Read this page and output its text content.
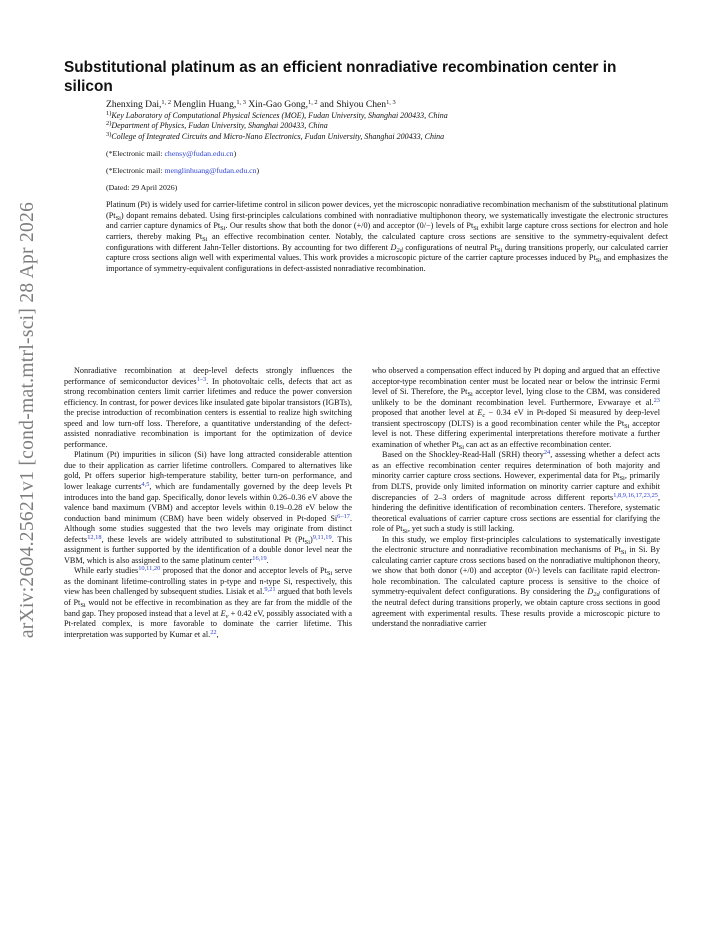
arXiv:2604.25621v1 [cond-mat.mtrl-sci] 28 Apr 2026
Substitutional platinum as an efficient nonradiative recombination center in silicon
Zhenxing Dai,$^{1, 2}$ Menglin Huang,$^{1, 3}$ Xin-Gao Gong,$^{1, 2}$ and Shiyou Chen$^{1, 3}$
$^{1)}$Key Laboratory of Computational Physical Sciences (MOE), Fudan University, Shanghai 200433, China
$^{2)}$Department of Physics, Fudan University, Shanghai 200433, China
$^{3)}$College of Integrated Circuits and Micro-Nano Electronics, Fudan University, Shanghai 200433, China
(*Electronic mail: chensy@fudan.edu.cn)
(*Electronic mail: menglinhuang@fudan.edu.cn)
(Dated: 29 April 2026)
Platinum (Pt) is widely used for carrier-lifetime control in silicon power devices, yet the microscopic nonradiative recombination mechanism of the substitutional platinum $(Pt_{Si})$ dopant remains debated. Using first-principles calculations combined with nonradiative multiphonon theory, we systematically investigate the electronic structures and carrier capture dynamics of $Pt_{Si}$. Our results show that both the donor (+/0) and acceptor (0/−) levels of $Pt_{Si}$ exhibit large capture cross sections for electron and hole carriers, thereby making $Pt_{Si}$ an effective recombination center. Notably, the calculated capture cross sections are sensitive to the symmetry-equivalent defect configurations with different Jahn-Teller distortions. By accounting for two different $D_{2d}$ configurations of neutral $Pt_{Si}$ during transitions properly, our calculated carrier capture cross sections align well with experimental values. This work provides a microscopic picture of the carrier capture processes induced by $Pt_{Si}$ and emphasizes the importance of symmetry-equivalent configurations in defect-assisted nonradiative recombination.

Nonradiative recombination at deep-level defects strongly influences the performance of semiconductor devices$^{1-3}$. In photovoltaic cells, defects that act as strong recombination centers limit carrier lifetimes and reduce the power conversion efficiency. In contrast, for power devices like insulated gate bipolar transistors (IGBTs), the precise introduction of recombination centers is essential to realize high switching speed and low turn-off loss. Therefore, a quantitative understanding of the defect-assisted nonradiative recombination is important for the optimization of device performance.

Platinum (Pt) impurities in silicon (Si) have long attracted considerable attention due to their application as carrier lifetime controllers. Compared to alternatives like gold, Pt offers superior high-temperature stability, better turn-on performance, and lower leakage currents$^{4,5}$, which are fundamentally governed by the deep levels Pt introduces into the band gap. Specifically, donor levels within 0.26–0.36 eV above the valence band maximum (VBM) and acceptor levels within 0.19–0.28 eV below the conduction band minimum (CBM) have been widely observed in Pt-doped Si$^{6-17}$. Although some studies suggested that the two levels may originate from distinct defects$^{12,18}$, these levels are widely attributed to substitutional Pt $(Pt_{Si})^{9,11,19}$. This assignment is further supported by the identification of a double donor level near the VBM, which is also assigned to the same platinum center$^{16,19}$.

While early studies$^{10,11,20}$ proposed that the donor and acceptor levels of $Pt_{Si}$ serve as the dominant lifetime-controlling states in p-type and n-type Si, respectively, this view has been challenged by subsequent studies. Lisiak et al.$^{9,21}$ argued that both levels of $Pt_{Si}$ would not be effective in recombination as they are far from the middle of the band gap. They proposed instead that a level at $E_v + 0.42$ eV, possibly associated with a Pt-related complex, is more favorable to dominate the carrier lifetime. This interpretation was supported by Kumar et al.$^{22}$,

who observed a compensation effect induced by Pt doping and argued that an effective acceptor-type recombination center must be located near or below the intrinsic Fermi level of Si. Therefore, the $Pt_{Si}$ acceptor level, lying close to the CBM, was considered unlikely to be the dominant recombination level. Furthermore, Evwaraye et al.$^{23}$ proposed that another level at $E_c - 0.34$ eV in Pt-doped Si measured by deep-level transient spectroscopy (DLTS) is a good recombination center while the $Pt_{Si}$ acceptor level is not. These differing experimental interpretations therefore motivate a further examination of whether $Pt_{Si}$ can act as an effective recombination center.

Based on the Shockley-Read-Hall (SRH) theory$^{24}$, assessing whether a defect acts as an effective recombination center requires determination of both majority and minority carrier capture cross sections. However, experimental data for $Pt_{Si}$, primarily from DLTS, provide only limited information on minority carrier capture and exhibit discrepancies of 2–3 orders of magnitude across different reports$^{1,8,9,16,17,23,25}$, hindering the definitive identification of recombination centers. Therefore, systematic theoretical evaluations of carrier capture cross sections are essential for clarifying the role of $Pt_{Si}$, yet such a study is still lacking.

In this study, we employ first-principles calculations to systematically investigate the electronic structure and nonradiative recombination mechanisms of $Pt_{Si}$ in Si. By calculating carrier capture cross sections based on the nonradiative multiphonon theory, we show that both donor (+/0) and acceptor (0/-) levels can facilitate rapid electron-hole recombination. The calculated capture process is sensitive to the choice of symmetry-equivalent defect configurations. By considering the $D_{2d}$ configurations of the neutral defect during transitions properly, we obtain capture cross sections in good agreement with experimental results. These results provide a microscopic picture to understand the nonradiative carrier
